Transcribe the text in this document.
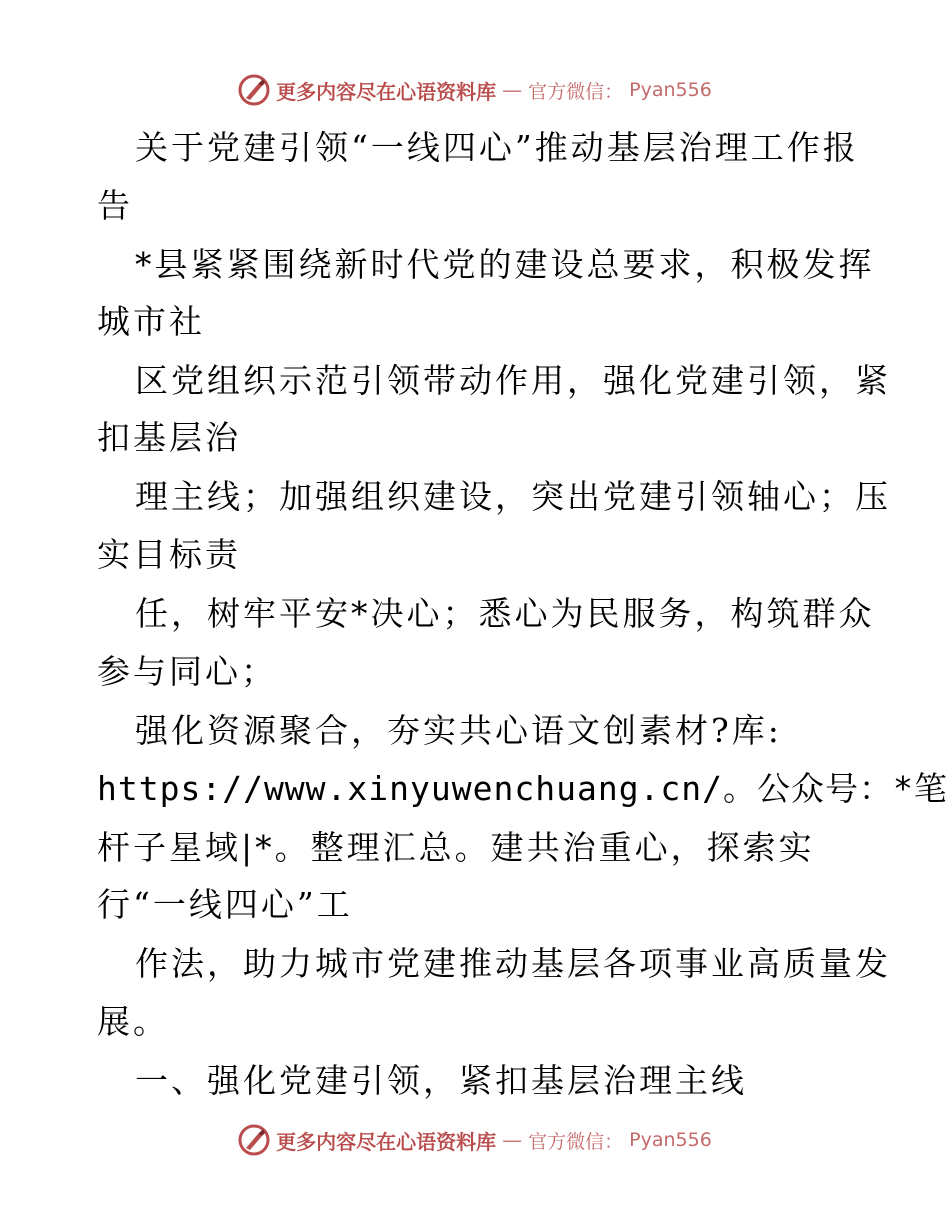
更多内容尽在心语资料库 — 官方微信： Pyan556
关于党建引领“一线四心”推动基层治理工作报
告
*县紧紧围绕新时代党的建设总要求，积极发挥
城市社
区党组织示范引领带动作用，强化党建引领，紧
扣基层治
理主线；加强组织建设，突出党建引领轴心；压
实目标责
任，树牢平安*决心；悉心为民服务，构筑群众
参与同心；
强化资源聚合，夯实共心语文创素材?库:
https://www.xinyuwenchuang.cn/。公众号：*笔
杆子星域|*。整理汇总。建共治重心，探索实
行“一线四心”工
作法，助力城市党建推动基层各项事业高质量发
展。
一、强化党建引领，紧扣基层治理主线
更多内容尽在心语资料库 — 官方微信： Pyan556
